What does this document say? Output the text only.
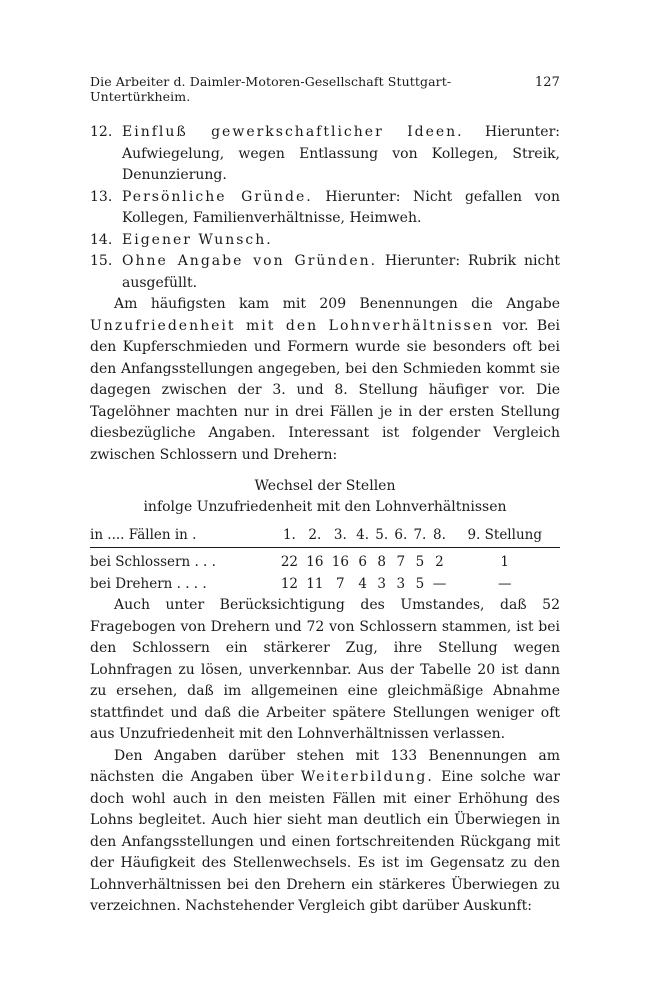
Die Arbeiter d. Daimler-Motoren-Gesellschaft Stuttgart-Untertürkheim.
127
12. Einfluß gewerkschaftlicher Ideen. Hierunter: Aufwiegelung, wegen Entlassung von Kollegen, Streik, Denunzierung.
13. Persönliche Gründe. Hierunter: Nicht gefallen von Kollegen, Familienverhältnisse, Heimweh.
14. Eigener Wunsch.
15. Ohne Angabe von Gründen. Hierunter: Rubrik nicht ausgefüllt.

Am häufigsten kam mit 209 Benennungen die Angabe Unzufriedenheit mit den Lohnverhältnissen vor. Bei den Kupferschmieden und Formern wurde sie besonders oft bei den Anfangsstellungen angegeben, bei den Schmieden kommt sie dagegen zwischen der 3. und 8. Stellung häufiger vor. Die Tagelöhner machten nur in drei Fällen je in der ersten Stellung diesbezügliche Angaben. Interessant ist folgender Vergleich zwischen Schlossern und Drehern:

Wechsel der Stellen
infolge Unzufriedenheit mit den Lohnverhältnissen
in .... Fällen in .	1.	2.	3.	4.	5.	6.	7.	8.	9. Stellung
bei Schlossern . . .	22	16	16	6	8	7	5	2	1
bei Drehern . . . .	12	11	7	4	3	3	5	—	—

Auch unter Berücksichtigung des Umstandes, daß 52 Fragebogen von Drehern und 72 von Schlossern stammen, ist bei den Schlossern ein stärkerer Zug, ihre Stellung wegen Lohnfragen zu lösen, unverkennbar. Aus der Tabelle 20 ist dann zu ersehen, daß im allgemeinen eine gleichmäßige Abnahme stattfindet und daß die Arbeiter spätere Stellungen weniger oft aus Unzufriedenheit mit den Lohnverhältnissen verlassen.

Den Angaben darüber stehen mit 133 Benennungen am nächsten die Angaben über Weiterbildung. Eine solche war doch wohl auch in den meisten Fällen mit einer Erhöhung des Lohns begleitet. Auch hier sieht man deutlich ein Überwiegen in den Anfangsstellungen und einen fortschreitenden Rückgang mit der Häufigkeit des Stellenwechsels. Es ist im Gegensatz zu den Lohnverhältnissen bei den Drehern ein stärkeres Überwiegen zu verzeichnen. Nachstehender Vergleich gibt darüber Auskunft:
